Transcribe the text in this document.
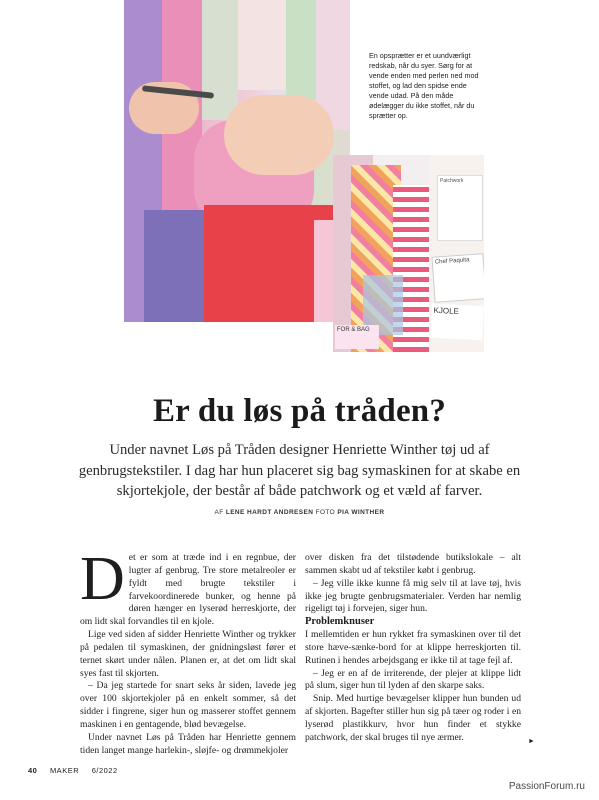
Chef Paquita
KJOLE
FOR & BAG
Patchwork
En opsprætter er et uundværligt redskab, når du syer. Sørg for at vende enden med perlen ned mod stoffet, og lad den spidse ende vende udad. På den måde ødelægger du ikke stoffet, når du sprætter op.
Er du løs på tråden?

Under navnet Løs på Tråden designer Henriette Winther tøj ud af genbrugstekstiler. I dag har hun placeret sig bag symaskinen for at skabe en skjortekjole, der består af både patchwork og et væld af farver.

AF LENE HARDT ANDRESEN FOTO PIA WINTHER
D et er som at træde ind i en regnbue, der lugter af genbrug. Tre store metalreoler er fyldt med brugte tekstiler i farvekoordinerede bunker, og henne på døren hænger en lyserød herreskjorte, der om lidt skal forvandles til en kjole.

Lige ved siden af sidder Henriette Winther og trykker på pedalen til symaskinen, der gnidningsløst fører et ternet skørt under nålen. Planen er, at det om lidt skal syes fast til skjorten.

– Da jeg startede for snart seks år siden, lavede jeg over 100 skjortekjoler på en enkelt sommer, så det sidder i fingrene, siger hun og masserer stoffet gennem maskinen i en gentagende, blød bevægelse.

Under navnet Løs på Tråden har Henriette gennem tiden langet mange harlekin-, sløjfe- og drømmekjoler

over disken fra det tilstødende butikslokale – alt sammen skabt ud af tekstiler købt i genbrug.

– Jeg ville ikke kunne få mig selv til at lave tøj, hvis ikke jeg brugte genbrugsmaterialer. Verden har nemlig rigeligt tøj i forvejen, siger hun.

Problemknuser

I mellemtiden er hun rykket fra symaskinen over til det store hæve-sænke-bord for at klippe herreskjorten til. Rutinen i hendes arbejdsgang er ikke til at tage fejl af.

– Jeg er en af de irriterende, der plejer at klippe lidt på slum, siger hun til lyden af den skarpe saks.

Snip. Med hurtige bevægelser klipper hun bunden ud af skjorten. Bagefter stiller hun sig på tæer og roder i en lyserød plastikkurv, hvor hun finder et stykke patchwork, der skal bruges til nye ærmer.	►
40 MAKER 6/2022
PassionForum.ru
